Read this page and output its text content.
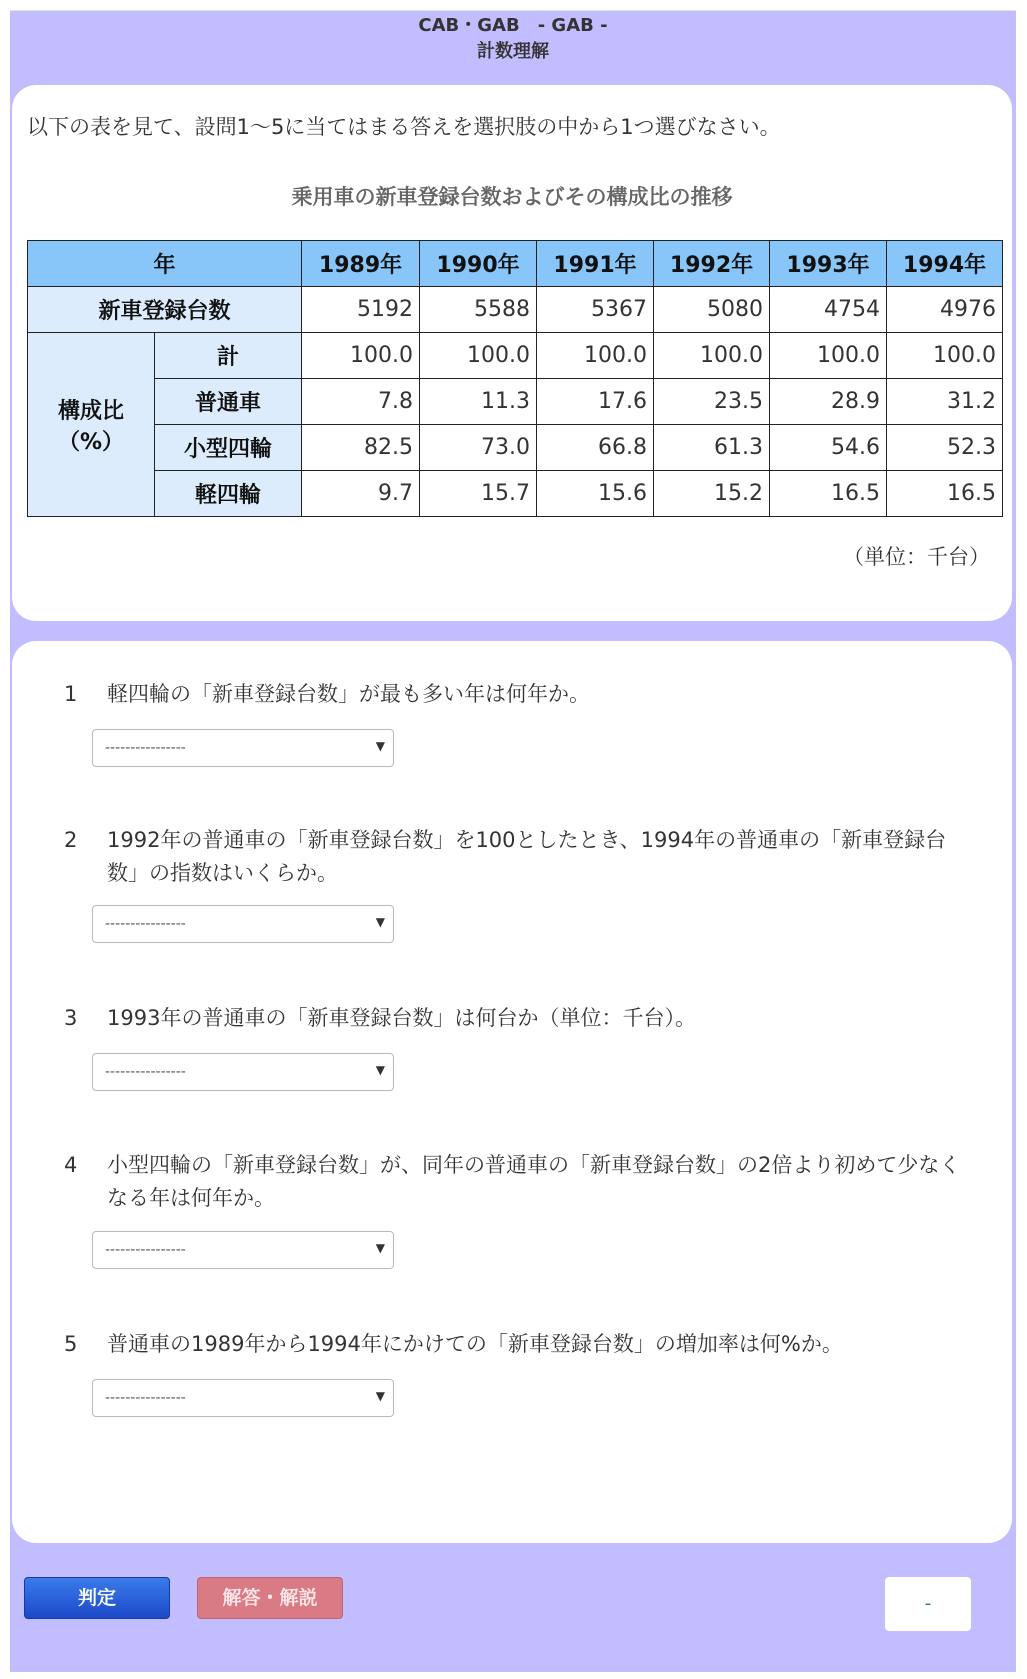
CAB・GAB　- GAB -
計数理解
以下の表を見て、設問1～5に当てはまる答えを選択肢の中から1つ選びなさい。
乗用車の新車登録台数およびその構成比の推移
年		1989年	1990年	1991年	1992年	1993年	1994年
新車登録台数		5192	5588	5367	5080	4754	4976

構成比
（%）	計	100.0	100.0	100.0	100.0	100.0	100.0
	普通車	7.8	11.3	17.6	23.5	28.9	31.2
	小型四輪	82.5	73.0	66.8	61.3	54.6	52.3
	軽四輪	9.7	15.7	15.6	15.2	16.5	16.5
（単位：千台）
1	軽四輪の「新車登録台数」が最も多い年は何年か。
----------------	▼
2	1992年の普通車の「新車登録台数」を100としたとき、1994年の普通車の「新車登録台数」の指数はいくらか。
----------------	▼
3	1993年の普通車の「新車登録台数」は何台か（単位：千台）。
----------------	▼
4	小型四輪の「新車登録台数」が、同年の普通車の「新車登録台数」の2倍より初めて少なくなる年は何年か。
----------------	▼
5	普通車の1989年から1994年にかけての「新車登録台数」の増加率は何%か。
----------------	▼
判定	解答・解説	-
